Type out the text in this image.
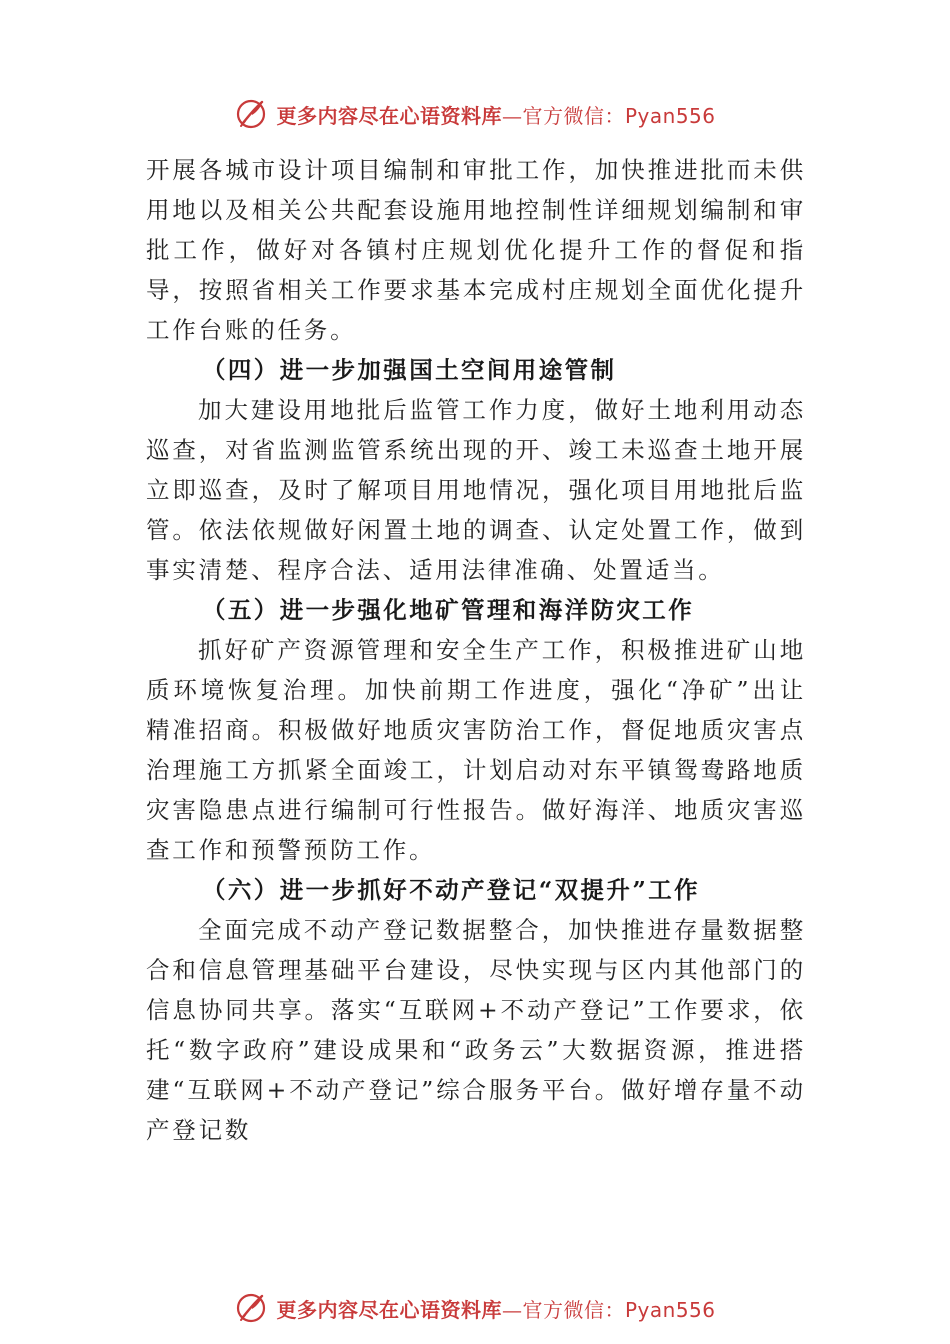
更多内容尽在心语资料库—官方微信：Pyan556

开展各城市设计项目编制和审批工作，加快推进批而未供用地以及相关公共配套设施用地控制性详细规划编制和审批工作，做好对各镇村庄规划优化提升工作的督促和指导，按照省相关工作要求基本完成村庄规划全面优化提升工作台账的任务。

（四）进一步加强国土空间用途管制

加大建设用地批后监管工作力度，做好土地利用动态巡查，对省监测监管系统出现的开、竣工未巡查土地开展立即巡查，及时了解项目用地情况，强化项目用地批后监管。依法依规做好闲置土地的调查、认定处置工作，做到事实清楚、程序合法、适用法律准确、处置适当。

（五）进一步强化地矿管理和海洋防灾工作

抓好矿产资源管理和安全生产工作，积极推进矿山地质环境恢复治理。加快前期工作进度，强化“净矿”出让精准招商。积极做好地质灾害防治工作，督促地质灾害点治理施工方抓紧全面竣工，计划启动对东平镇鸳鸯路地质灾害隐患点进行编制可行性报告。做好海洋、地质灾害巡查工作和预警预防工作。

（六）进一步抓好不动产登记“双提升”工作

全面完成不动产登记数据整合，加快推进存量数据整合和信息管理基础平台建设，尽快实现与区内其他部门的信息协同共享。落实“互联网+不动产登记”工作要求，依托“数字政府”建设成果和“政务云”大数据资源，推进搭建“互联网+不动产登记”综合服务平台。做好增存量不动产登记数

更多内容尽在心语资料库—官方微信：Pyan556
